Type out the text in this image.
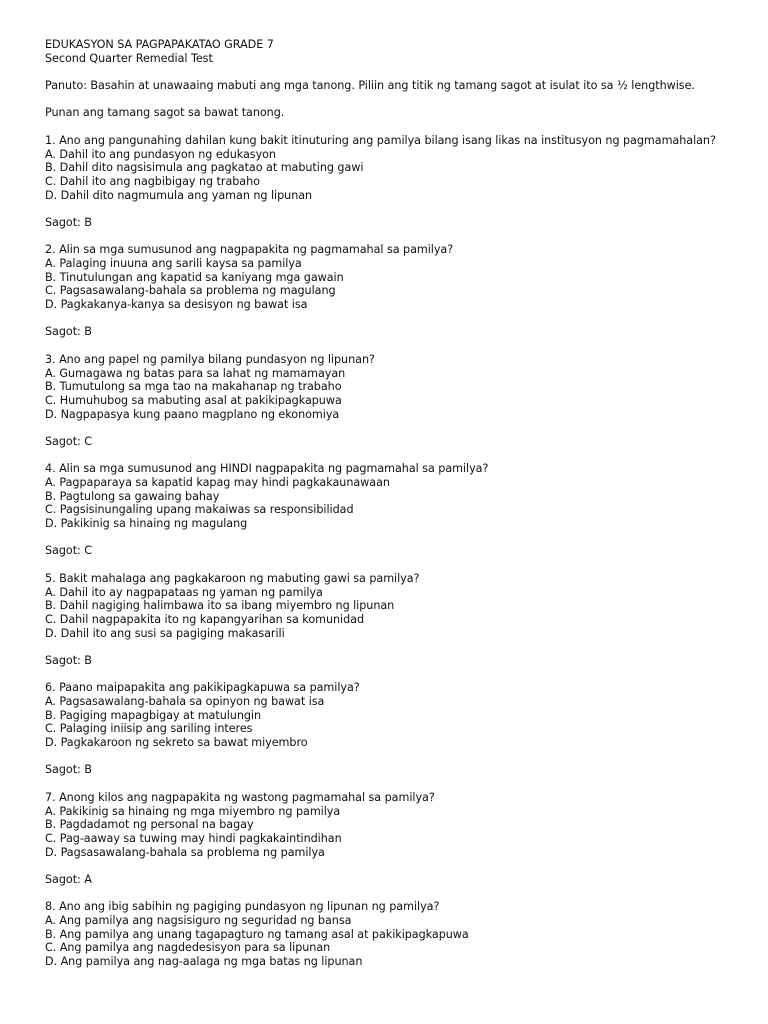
EDUKASYON SA PAGPAPAKATAO GRADE 7
Second Quarter Remedial Test
Panuto: Basahin at unawaaing mabuti ang mga tanong. Piliin ang titik ng tamang sagot at isulat ito sa ½ lengthwise.
Punan ang tamang sagot sa bawat tanong.
1. Ano ang pangunahing dahilan kung bakit itinuturing ang pamilya bilang isang likas na institusyon ng pagmamahalan?
A. Dahil ito ang pundasyon ng edukasyon
B. Dahil dito nagsisimula ang pagkatao at mabuting gawi
C. Dahil ito ang nagbibigay ng trabaho
D. Dahil dito nagmumula ang yaman ng lipunan
Sagot: B
2. Alin sa mga sumusunod ang nagpapakita ng pagmamahal sa pamilya?
A. Palaging inuuna ang sarili kaysa sa pamilya
B. Tinutulungan ang kapatid sa kaniyang mga gawain
C. Pagsasawalang-bahala sa problema ng magulang
D. Pagkakanya-kanya sa desisyon ng bawat isa
Sagot: B
3. Ano ang papel ng pamilya bilang pundasyon ng lipunan?
A. Gumagawa ng batas para sa lahat ng mamamayan
B. Tumutulong sa mga tao na makahanap ng trabaho
C. Humuhubog sa mabuting asal at pakikipagkapuwa
D. Nagpapasya kung paano magplano ng ekonomiya
Sagot: C
4. Alin sa mga sumusunod ang HINDI nagpapakita ng pagmamahal sa pamilya?
A. Pagpaparaya sa kapatid kapag may hindi pagkakaunawaan
B. Pagtulong sa gawaing bahay
C. Pagsisinungaling upang makaiwas sa responsibilidad
D. Pakikinig sa hinaing ng magulang
Sagot: C
5. Bakit mahalaga ang pagkakaroon ng mabuting gawi sa pamilya?
A. Dahil ito ay nagpapataas ng yaman ng pamilya
B. Dahil nagiging halimbawa ito sa ibang miyembro ng lipunan
C. Dahil nagpapakita ito ng kapangyarihan sa komunidad
D. Dahil ito ang susi sa pagiging makasarili
Sagot: B
6. Paano maipapakita ang pakikipagkapuwa sa pamilya?
A. Pagsasawalang-bahala sa opinyon ng bawat isa
B. Pagiging mapagbigay at matulungin
C. Palaging iniisip ang sariling interes
D. Pagkakaroon ng sekreto sa bawat miyembro
Sagot: B
7. Anong kilos ang nagpapakita ng wastong pagmamahal sa pamilya?
A. Pakikinig sa hinaing ng mga miyembro ng pamilya
B. Pagdadamot ng personal na bagay
C. Pag-aaway sa tuwing may hindi pagkakaintindihan
D. Pagsasawalang-bahala sa problema ng pamilya
Sagot: A
8. Ano ang ibig sabihin ng pagiging pundasyon ng lipunan ng pamilya?
A. Ang pamilya ang nagsisiguro ng seguridad ng bansa
B. Ang pamilya ang unang tagapagturo ng tamang asal at pakikipagkapuwa
C. Ang pamilya ang nagdedesisyon para sa lipunan
D. Ang pamilya ang nag-aalaga ng mga batas ng lipunan
